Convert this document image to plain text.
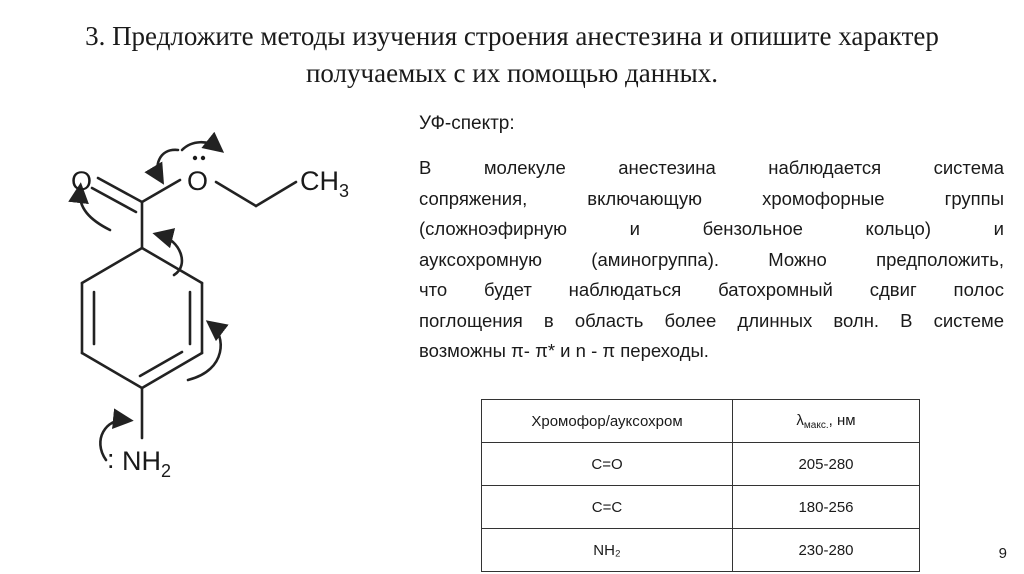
3. Предложите методы изучения строения анестезина и опишите характер
получаемых с их помощью данных.
O	O	$CH_3$
: $NH_2$
УФ-спектр:
В молекуле анестезина наблюдается система
сопряжения, включающую хромофорные группы
(сложноэфирную и бензольное кольцо) и
ауксохромную (аминогруппа). Можно предположить,
что будет наблюдаться батохромный сдвиг полос
поглощения в область более длинных волн. В системе
возможны π- π* и n - π переходы.
Хромофор/ауксохром	$\lambda_{макс.}$, нм
C=O	205-280
C=C	180-256
NH₂	230-280	9
